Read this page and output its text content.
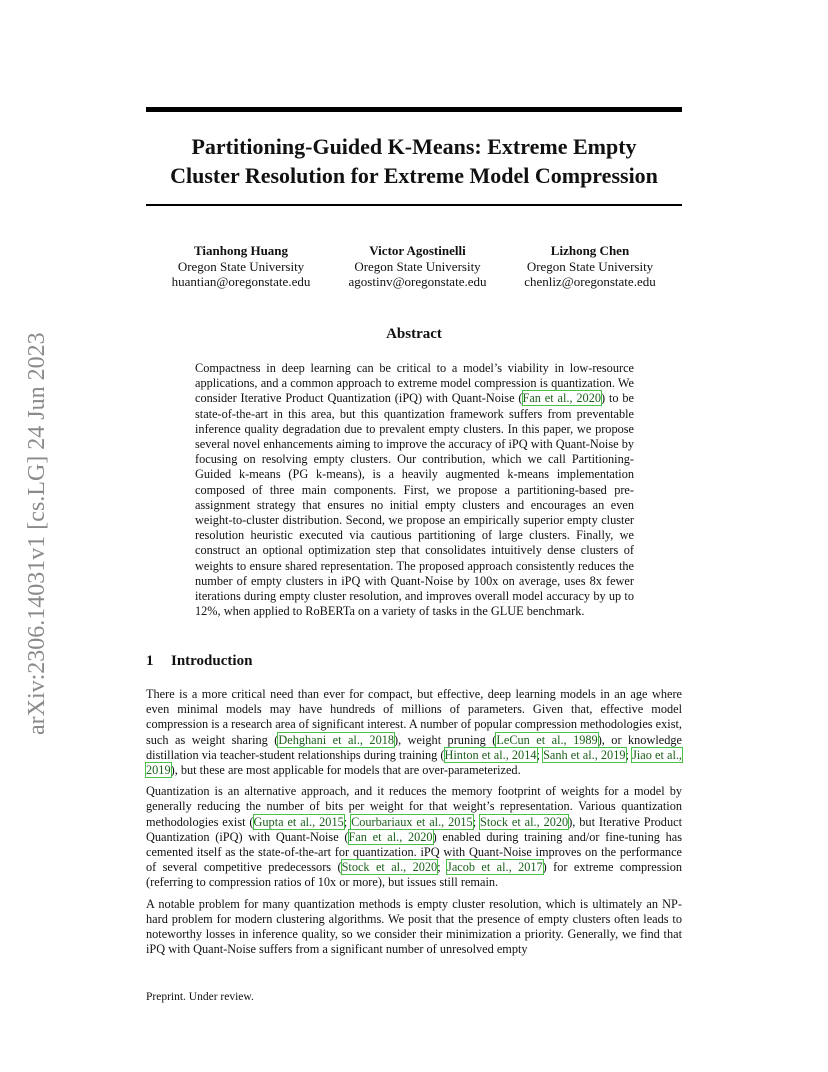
arXiv:2306.14031v1 [cs.LG] 24 Jun 2023
Partitioning-Guided K-Means: Extreme Empty
Cluster Resolution for Extreme Model Compression
Tianhong Huang
Oregon State University
huantian@oregonstate.edu
Victor Agostinelli
Oregon State University
agostinv@oregonstate.edu
Lizhong Chen
Oregon State University
chenliz@oregonstate.edu
Abstract

Compactness in deep learning can be critical to a model’s viability in low-resource applications, and a common approach to extreme model compression is quantization. We consider Iterative Product Quantization (iPQ) with Quant-Noise (Fan et al., 2020) to be state-of-the-art in this area, but this quantization framework suffers from preventable inference quality degradation due to prevalent empty clusters. In this paper, we propose several novel enhancements aiming to improve the accuracy of iPQ with Quant-Noise by focusing on resolving empty clusters. Our contribution, which we call Partitioning-Guided k-means (PG k-means), is a heavily augmented k-means implementation composed of three main components. First, we propose a partitioning-based pre-assignment strategy that ensures no initial empty clusters and encourages an even weight-to-cluster distribution. Second, we propose an empirically superior empty cluster resolution heuristic executed via cautious partitioning of large clusters. Finally, we construct an optional optimization step that consolidates intuitively dense clusters of weights to ensure shared representation. The proposed approach consistently reduces the number of empty clusters in iPQ with Quant-Noise by 100x on average, uses 8x fewer iterations during empty cluster resolution, and improves overall model accuracy by up to 12%, when applied to RoBERTa on a variety of tasks in the GLUE benchmark.

1 Introduction

There is a more critical need than ever for compact, but effective, deep learning models in an age where even minimal models may have hundreds of millions of parameters. Given that, effective model compression is a research area of significant interest. A number of popular compression methodologies exist, such as weight sharing (Dehghani et al., 2018), weight pruning (LeCun et al., 1989), or knowledge distillation via teacher-student relationships during training (Hinton et al., 2014; Sanh et al., 2019; Jiao et al., 2019), but these are most applicable for models that are over-parameterized.

Quantization is an alternative approach, and it reduces the memory footprint of weights for a model by generally reducing the number of bits per weight for that weight’s representation. Various quantization methodologies exist (Gupta et al., 2015; Courbariaux et al., 2015; Stock et al., 2020), but Iterative Product Quantization (iPQ) with Quant-Noise (Fan et al., 2020) enabled during training and/or fine-tuning has cemented itself as the state-of-the-art for quantization. iPQ with Quant-Noise improves on the performance of several competitive predecessors (Stock et al., 2020; Jacob et al., 2017) for extreme compression (referring to compression ratios of 10x or more), but issues still remain.

A notable problem for many quantization methods is empty cluster resolution, which is ultimately an NP-hard problem for modern clustering algorithms. We posit that the presence of empty clusters often leads to noteworthy losses in inference quality, so we consider their minimization a priority. Generally, we find that iPQ with Quant-Noise suffers from a significant number of unresolved empty

Preprint. Under review.
